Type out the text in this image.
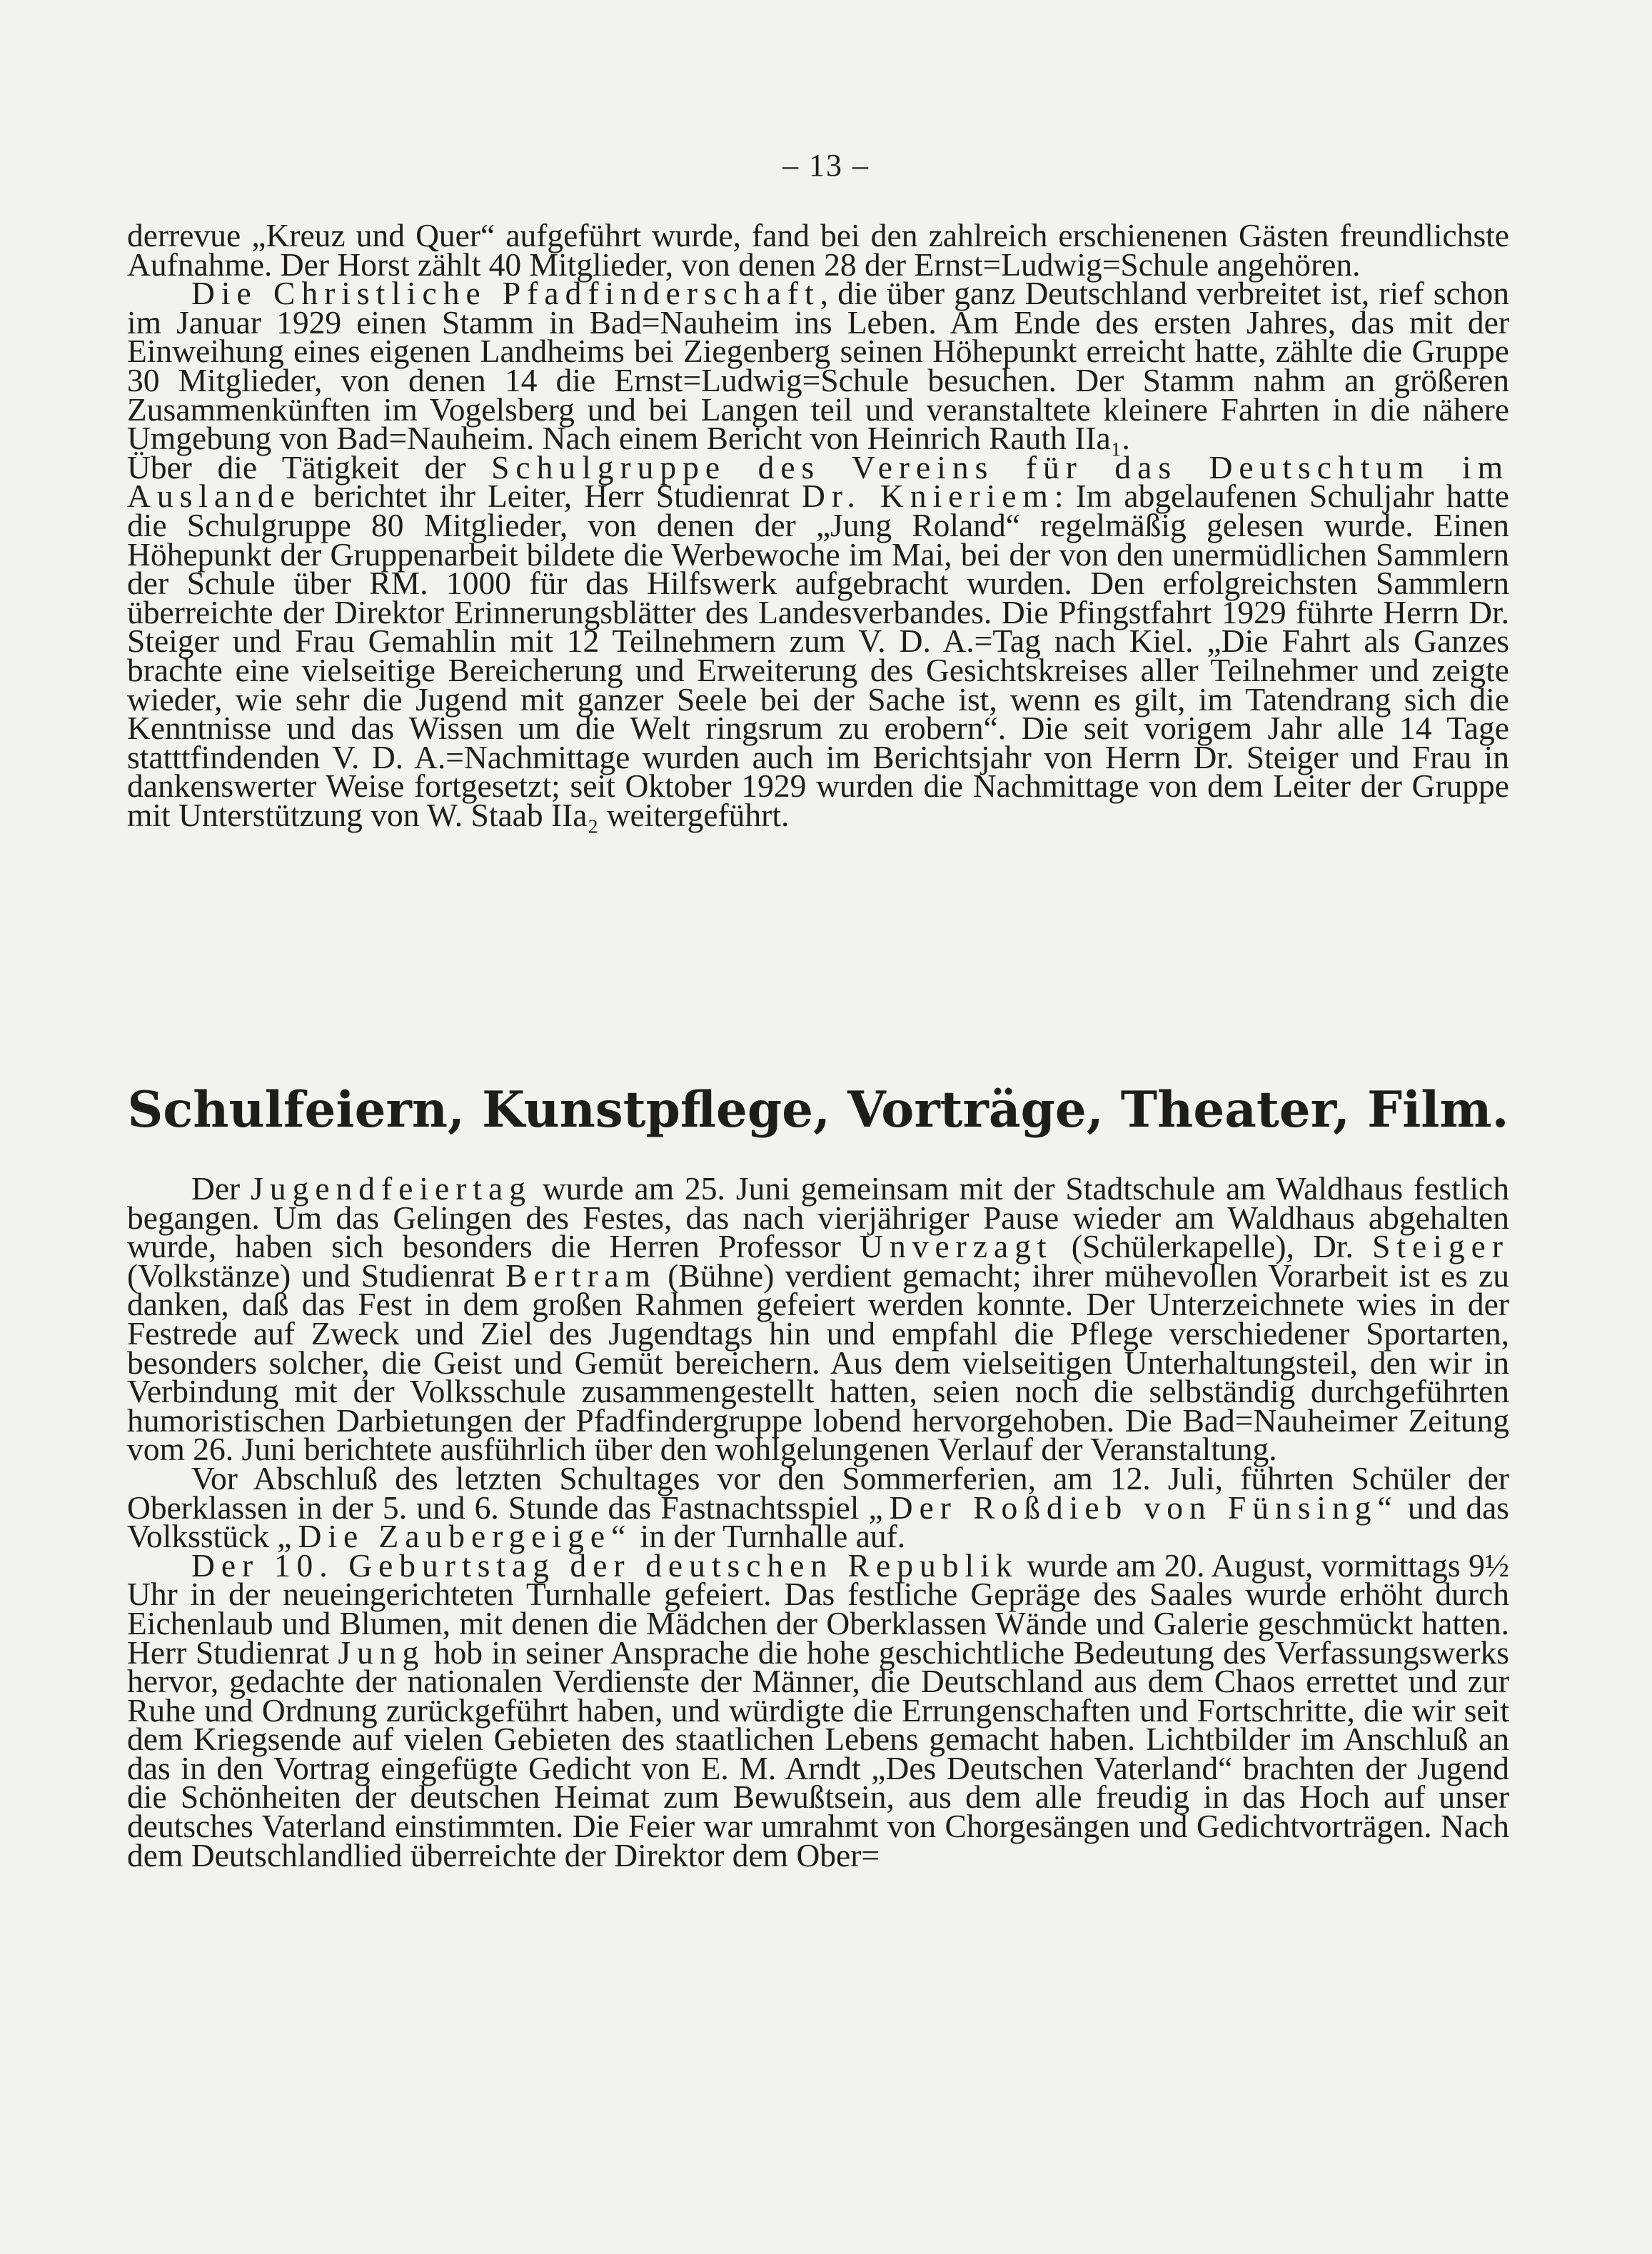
– 13 –

derrevue „Kreuz und Quer“ aufgeführt wurde, fand bei den zahlreich erschienenen Gästen freundlichste Aufnahme. Der Horst zählt 40 Mitglieder, von denen 28 der Ernst=Ludwig=Schule angehören.

Die Christliche Pfadfinderschaft, die über ganz Deutschland verbreitet ist, rief schon im Januar 1929 einen Stamm in Bad=Nauheim ins Leben. Am Ende des ersten Jahres, das mit der Einweihung eines eigenen Landheims bei Ziegenberg seinen Höhepunkt erreicht hatte, zählte die Gruppe 30 Mitglieder, von denen 14 die Ernst=Ludwig=Schule besuchen. Der Stamm nahm an größeren Zusammenkünften im Vogelsberg und bei Langen teil und veranstaltete kleinere Fahrten in die nähere Umgebung von Bad=Nauheim. Nach einem Bericht von Heinrich Rauth IIa₁.

Über die Tätigkeit der Schulgruppe des Vereins für das Deutschtum im Auslande berichtet ihr Leiter, Herr Studienrat Dr. Knieriem: Im abgelaufenen Schuljahr hatte die Schulgruppe 80 Mitglieder, von denen der „Jung Roland“ regelmäßig gelesen wurde. Einen Höhepunkt der Gruppenarbeit bildete die Werbewoche im Mai, bei der von den unermüdlichen Sammlern der Schule über RM. 1000 für das Hilfswerk aufgebracht wurden. Den erfolgreichsten Sammlern überreichte der Direktor Erinnerungsblätter des Landesverbandes. Die Pfingstfahrt 1929 führte Herrn Dr. Steiger und Frau Gemahlin mit 12 Teilnehmern zum V. D. A.=Tag nach Kiel. „Die Fahrt als Ganzes brachte eine vielseitige Bereicherung und Erweiterung des Gesichtskreises aller Teilnehmer und zeigte wieder, wie sehr die Jugend mit ganzer Seele bei der Sache ist, wenn es gilt, im Tatendrang sich die Kenntnisse und das Wissen um die Welt ringsrum zu erobern“. Die seit vorigem Jahr alle 14 Tage statttfindenden V. D. A.=Nachmittage wurden auch im Berichtsjahr von Herrn Dr. Steiger und Frau in dankenswerter Weise fortgesetzt; seit Oktober 1929 wurden die Nachmittage von dem Leiter der Gruppe mit Unterstützung von W. Staab IIa₂ weitergeführt.

Schulfeiern, Kunstpflege, Vorträge, Theater, Film.

Der Jugendfeiertag wurde am 25. Juni gemeinsam mit der Stadtschule am Waldhaus festlich begangen. Um das Gelingen des Festes, das nach vierjähriger Pause wieder am Waldhaus abgehalten wurde, haben sich besonders die Herren Professor Unverzagt (Schülerkapelle), Dr. Steiger (Volkstänze) und Studienrat Bertram (Bühne) verdient gemacht; ihrer mühevollen Vorarbeit ist es zu danken, daß das Fest in dem großen Rahmen gefeiert werden konnte. Der Unterzeichnete wies in der Festrede auf Zweck und Ziel des Jugendtags hin und empfahl die Pflege verschiedener Sportarten, besonders solcher, die Geist und Gemüt bereichern. Aus dem vielseitigen Unterhaltungsteil, den wir in Verbindung mit der Volksschule zusammengestellt hatten, seien noch die selbständig durchgeführten humoristischen Darbietungen der Pfadfindergruppe lobend hervorgehoben. Die Bad=Nauheimer Zeitung vom 26. Juni berichtete ausführlich über den wohlgelungenen Verlauf der Veranstaltung.

Vor Abschluß des letzten Schultages vor den Sommerferien, am 12. Juli, führten Schüler der Oberklassen in der 5. und 6. Stunde das Fastnachtsspiel „Der Roßdieb von Fünsing“ und das Volksstück „Die Zaubergeige“ in der Turnhalle auf.

Der 10. Geburtstag der deutschen Republik wurde am 20. August, vormittags 9½ Uhr in der neueingerichteten Turnhalle gefeiert. Das festliche Gepräge des Saales wurde erhöht durch Eichenlaub und Blumen, mit denen die Mädchen der Oberklassen Wände und Galerie geschmückt hatten. Herr Studienrat Jung hob in seiner Ansprache die hohe geschichtliche Bedeutung des Verfassungswerks hervor, gedachte der nationalen Verdienste der Männer, die Deutschland aus dem Chaos errettet und zur Ruhe und Ordnung zurückgeführt haben, und würdigte die Errungenschaften und Fortschritte, die wir seit dem Kriegsende auf vielen Gebieten des staatlichen Lebens gemacht haben. Lichtbilder im Anschluß an das in den Vortrag eingefügte Gedicht von E. M. Arndt „Des Deutschen Vaterland“ brachten der Jugend die Schönheiten der deutschen Heimat zum Bewußtsein, aus dem alle freudig in das Hoch auf unser deutsches Vaterland einstimmten. Die Feier war umrahmt von Chorgesängen und Gedichtvorträgen. Nach dem Deutschlandlied überreichte der Direktor dem Ober=
